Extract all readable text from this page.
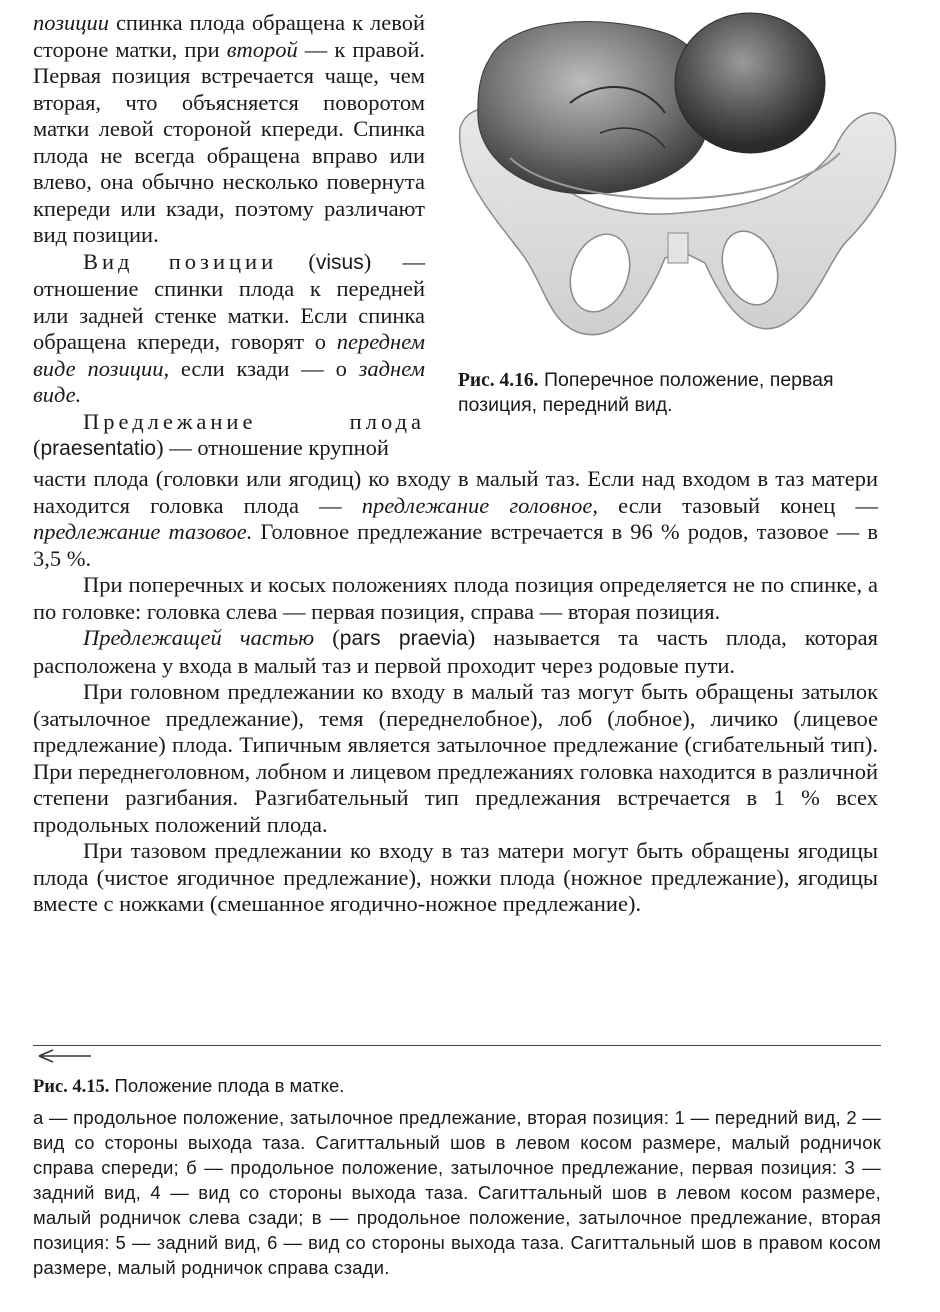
позиции спинка плода обращена к левой стороне матки, при второй — к правой. Первая позиция встречается чаще, чем вторая, что объясняется поворотом матки левой стороной кпереди. Спинка плода не всегда обращена вправо или влево, она обычно несколько повернута кпереди или кзади, поэтому различают вид позиции.

Вид позиции (visus) — отношение спинки плода к передней или задней стенке матки. Если спинка обращена кпереди, говорят о переднем виде позиции, если кзади — о заднем виде.

Предлежание плода (praesentatio) — отношение крупной

Рис. 4.16. Поперечное положение, первая позиция, передний вид.

части плода (головки или ягодиц) ко входу в малый таз. Если над входом в таз матери находится головка плода — предлежание головное, если тазовый конец — предлежание тазовое. Головное предлежание встречается в 96 % родов, тазовое — в 3,5 %.

При поперечных и косых положениях плода позиция определяется не по спинке, а по головке: головка слева — первая позиция, справа — вторая позиция.

Предлежащей частью (pars praevia) называется та часть плода, которая расположена у входа в малый таз и первой проходит через родовые пути.

При головном предлежании ко входу в малый таз могут быть обращены затылок (затылочное предлежание), темя (переднелобное), лоб (лобное), личико (лицевое предлежание) плода. Типичным является затылочное предлежание (сгибательный тип). При переднеголовном, лобном и лицевом предлежаниях головка находится в различной степени разгибания. Разгибательный тип предлежания встречается в 1 % всех продольных положений плода.

При тазовом предлежании ко входу в таз матери могут быть обращены ягодицы плода (чистое ягодичное предлежание), ножки плода (ножное предлежание), ягодицы вместе с ножками (смешанное ягодично-ножное предлежание).

Рис. 4.15. Положение плода в матке.
а — продольное положение, затылочное предлежание, вторая позиция: 1 — передний вид, 2 — вид со стороны выхода таза. Сагиттальный шов в левом косом размере, малый родничок справа спереди; б — продольное положение, затылочное предлежание, первая позиция: 3 — задний вид, 4 — вид со стороны выхода таза. Сагиттальный шов в левом косом размере, малый родничок слева сзади; в — продольное положение, затылочное предлежание, вторая позиция: 5 — задний вид, 6 — вид со стороны выхода таза. Сагиттальный шов в правом косом размере, малый родничок справа сзади.
